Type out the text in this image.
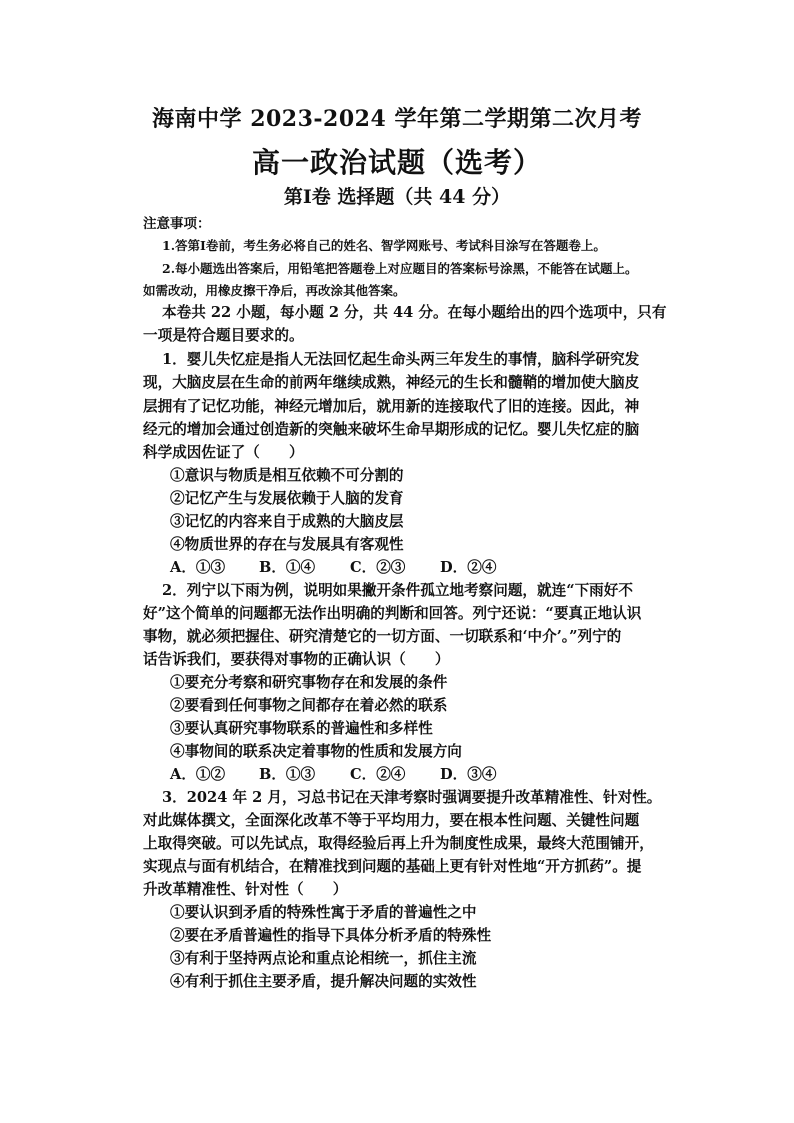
海南中学 2023-2024 学年第二学期第二次月考
高一政治试题（选考）
第Ⅰ卷 选择题（共 44 分）
注意事项：
1.答第Ⅰ卷前，考生务必将自己的姓名、智学网账号、考试科目涂写在答题卷上。
2.每小题选出答案后，用铅笔把答题卷上对应题目的答案标号涂黑，不能答在试题上。
如需改动，用橡皮擦干净后，再改涂其他答案。
本卷共 22 小题，每小题 2 分，共 44 分。在每小题给出的四个选项中，只有
一项是符合题目要求的。
1．婴儿失忆症是指人无法回忆起生命头两三年发生的事情，脑科学研究发
现，大脑皮层在生命的前两年继续成熟，神经元的生长和髓鞘的增加使大脑皮
层拥有了记忆功能，神经元增加后，就用新的连接取代了旧的连接。因此，神
经元的增加会通过创造新的突触来破坏生命早期形成的记忆。婴儿失忆症的脑
科学成因佐证了（　　）
①意识与物质是相互依赖不可分割的
②记忆产生与发展依赖于人脑的发育
③记忆的内容来自于成熟的大脑皮层
④物质世界的存在与发展具有客观性
A．①③ B．①④ C．②③ D．②④
2．列宁以下雨为例，说明如果撇开条件孤立地考察问题，就连“下雨好不
好”这个简单的问题都无法作出明确的判断和回答。列宁还说：“要真正地认识
事物，就必须把握住、研究清楚它的一切方面、一切联系和‘中介’。”列宁的
话告诉我们，要获得对事物的正确认识（　　）
①要充分考察和研究事物存在和发展的条件
②要看到任何事物之间都存在着必然的联系
③要认真研究事物联系的普遍性和多样性
④事物间的联系决定着事物的性质和发展方向
A．①② B．①③ C．②④ D．③④
3．2024 年 2 月，习总书记在天津考察时强调要提升改革精准性、针对性。
对此媒体撰文，全面深化改革不等于平均用力，要在根本性问题、关键性问题
上取得突破。可以先试点，取得经验后再上升为制度性成果，最终大范围铺开，
实现点与面有机结合，在精准找到问题的基础上更有针对性地“开方抓药”。提
升改革精准性、针对性（　　）
①要认识到矛盾的特殊性寓于矛盾的普遍性之中
②要在矛盾普遍性的指导下具体分析矛盾的特殊性
③有利于坚持两点论和重点论相统一，抓住主流
④有利于抓住主要矛盾，提升解决问题的实效性
